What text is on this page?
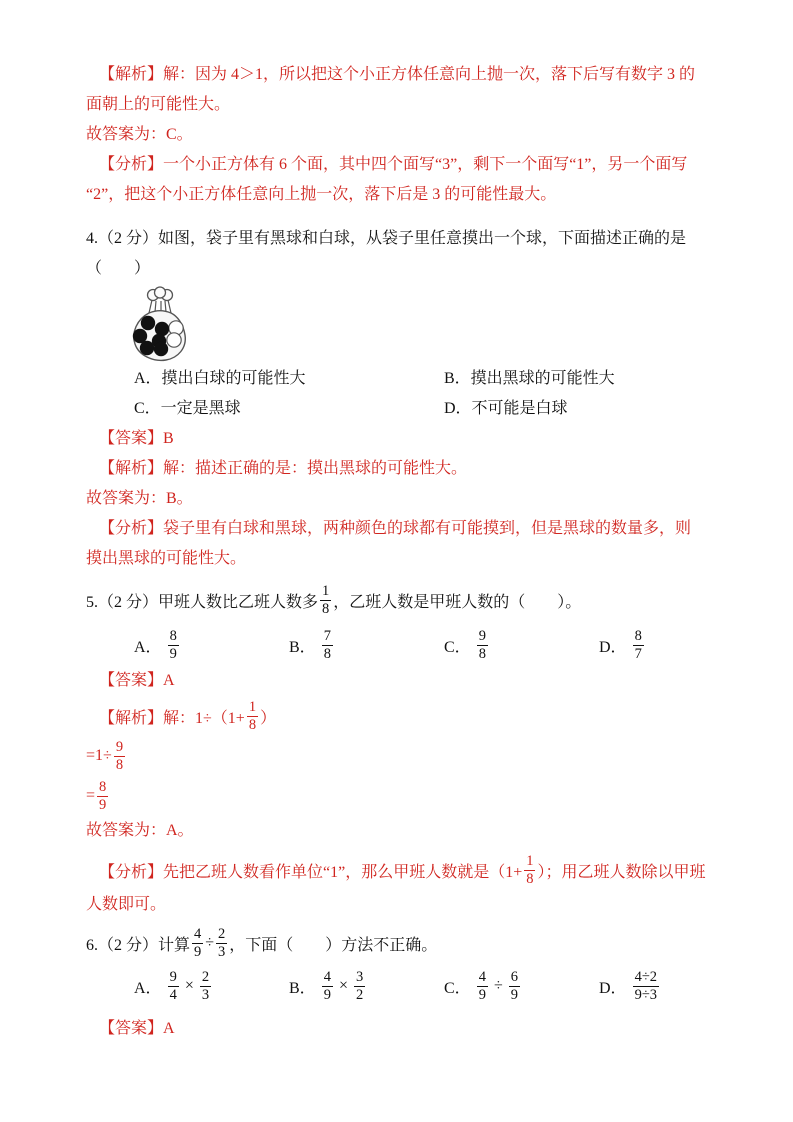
【解析】解：因为 4＞1，所以把这个小正方体任意向上抛一次，落下后写有数字 3 的
面朝上的可能性大。
故答案为：C。
【分析】一个小正方体有 6 个面，其中四个面写“3”，剩下一个面写“1”，另一个面写
“2”，把这个小正方体任意向上抛一次，落下后是 3 的可能性最大。
4.（2 分）如图，袋子里有黑球和白球，从袋子里任意摸出一个球，下面描述正确的是
（　　）
A．摸出白球的可能性大	B．摸出黑球的可能性大
C．一定是黑球	D．不可能是白球
【答案】B
【解析】解：描述正确的是：摸出黑球的可能性大。
故答案为：B。
【分析】袋子里有白球和黑球，两种颜色的球都有可能摸到，但是黑球的数量多，则
摸出黑球的可能性大。
5.（2 分）甲班人数比乙班人数多 $\frac{1}{8}$ ，乙班人数是甲班人数的（　　）。
A． $\frac{8}{9}$	B． $\frac{7}{8}$	C． $\frac{9}{8}$	D． $\frac{8}{7}$
【答案】A
【解析】解：$1\div(1+ \frac{1}{8}$ ）
$=1\div \frac{9}{8}$
= $\frac{8}{9}$
故答案为：A。
【分析】先把乙班人数看作单位“1”，那么甲班人数就是（$1+ \frac{1}{8}$ ）；用乙班人数除以甲班
人数即可。
6.（2 分）计算 $\frac{4}{9} \div \frac{2}{3}$ ，下面（　　）方法不正确。
A． $\frac{9}{4} \times \frac{2}{3}$	B． $\frac{4}{9} \times \frac{3}{2}$	C． $\frac{4}{9} \div \frac{6}{9}$	D． $\frac{4\div 2}{9\div 3}$
【答案】A
